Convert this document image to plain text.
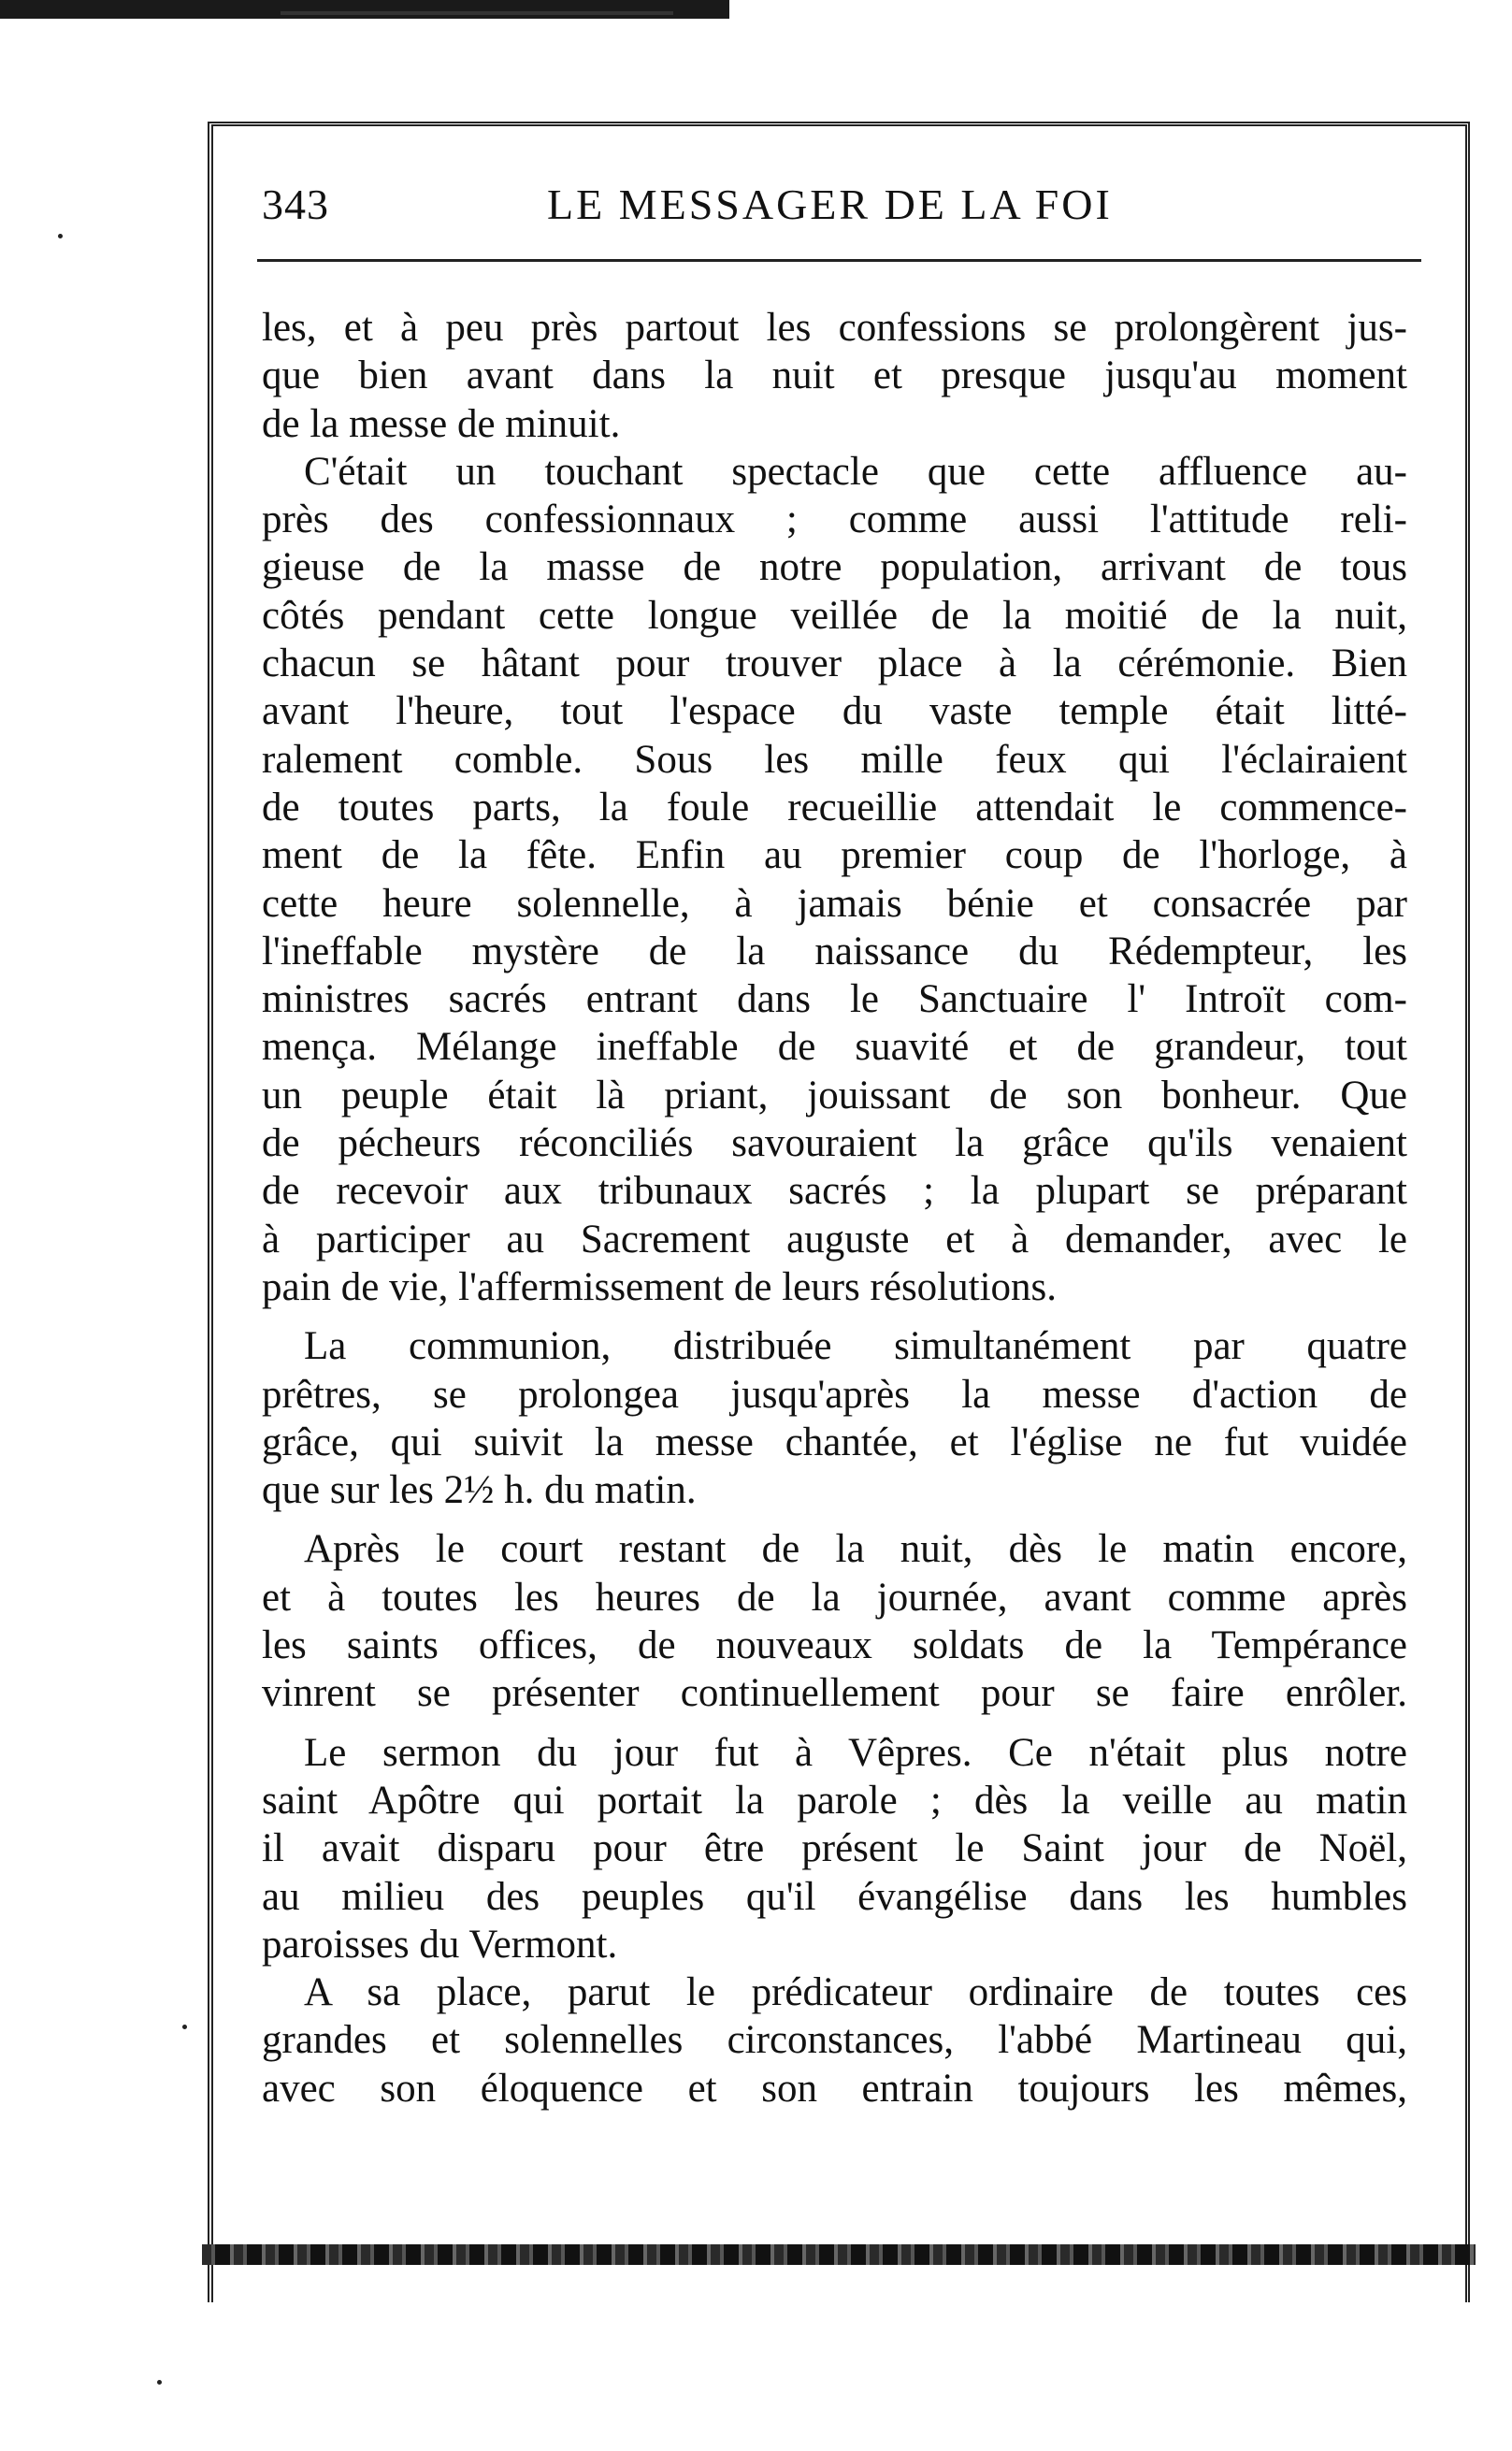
343	LE MESSAGER DE LA FOI
les, et à peu près partout les confessions se prolongèrent jus-
que bien avant dans la nuit et presque jusqu'au moment
de la messe de minuit.
C'était un touchant spectacle que cette affluence au-
près des confessionnaux ; comme aussi l'attitude reli-
gieuse de la masse de notre population, arrivant de tous
côtés pendant cette longue veillée de la moitié de la nuit,
chacun se hâtant pour trouver place à la cérémonie. Bien
avant l'heure, tout l'espace du vaste temple était litté-
ralement comble. Sous les mille feux qui l'éclairaient
de toutes parts, la foule recueillie attendait le commence-
ment de la fête. Enfin au premier coup de l'horloge, à
cette heure solennelle, à jamais bénie et consacrée par
l'ineffable mystère de la naissance du Rédempteur, les
ministres sacrés entrant dans le Sanctuaire l' Introït com-
mença. Mélange ineffable de suavité et de grandeur, tout
un peuple était là priant, jouissant de son bonheur. Que
de pécheurs réconciliés savouraient la grâce qu'ils venaient
de recevoir aux tribunaux sacrés ; la plupart se préparant
à participer au Sacrement auguste et à demander, avec le
pain de vie, l'affermissement de leurs résolutions.
La communion, distribuée simultanément par quatre
prêtres, se prolongea jusqu'après la messe d'action de
grâce, qui suivit la messe chantée, et l'église ne fut vuidée
que sur les 2½ h. du matin.
Après le court restant de la nuit, dès le matin encore,
et à toutes les heures de la journée, avant comme après
les saints offices, de nouveaux soldats de la Tempérance
vinrent se présenter continuellement pour se faire enrôler.
Le sermon du jour fut à Vêpres. Ce n'était plus notre
saint Apôtre qui portait la parole ; dès la veille au matin
il avait disparu pour être présent le Saint jour de Noël,
au milieu des peuples qu'il évangélise dans les humbles
paroisses du Vermont.
A sa place, parut le prédicateur ordinaire de toutes ces
grandes et solennelles circonstances, l'abbé Martineau qui,
avec son éloquence et son entrain toujours les mêmes,
